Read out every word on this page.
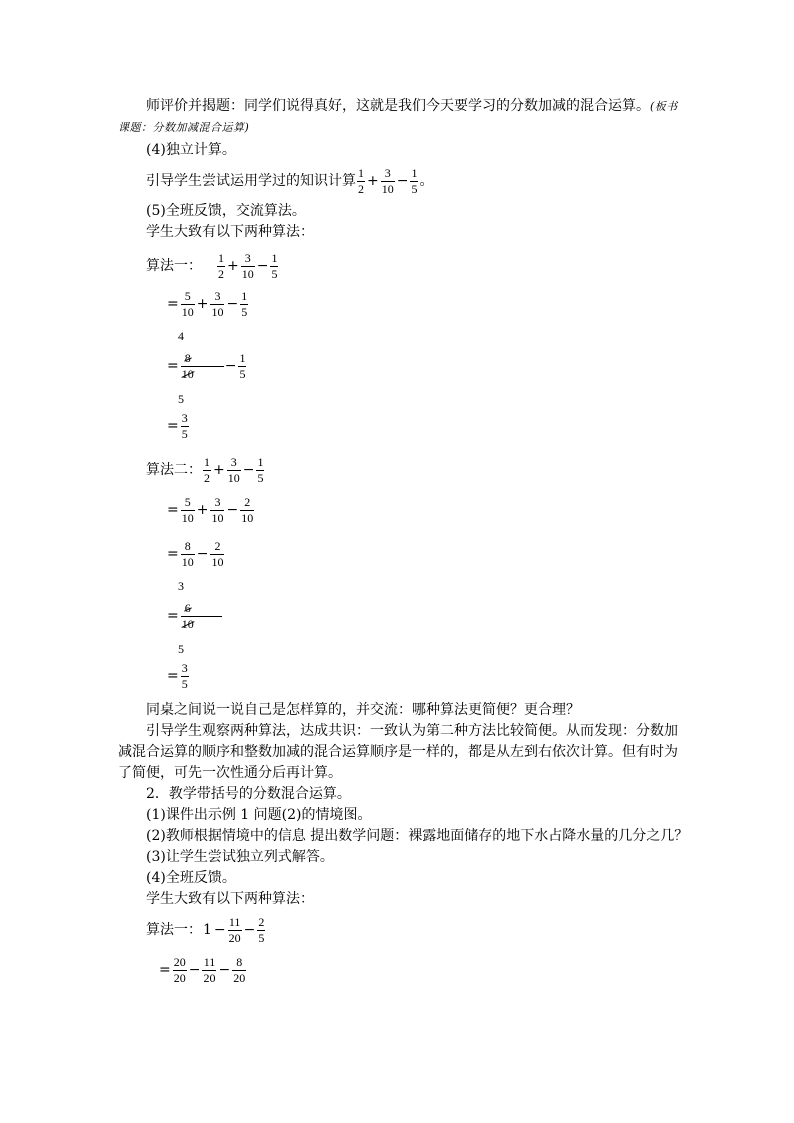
师评价并揭题：同学们说得真好，这就是我们今天要学习的分数加减的混合运算。(板书
课题：分数加减混合运算)
(4)独立计算。
引导学生尝试运用学过的知识计算 $\frac{1}{2} + \frac{3}{10} - \frac{1}{5}$ 。
(5)全班反馈，交流算法。
学生大致有以下两种算法：
算法一： $\frac{1}{2} + \frac{3}{10} - \frac{1}{5}$
= $\frac{5}{10} + \frac{3}{10} - \frac{1}{5}$
4
= $\frac{8}{10} - \frac{1}{5}$
5
= $\frac{3}{5}$
算法二： $\frac{1}{2} + \frac{3}{10} - \frac{1}{5}$
= $\frac{5}{10} + \frac{3}{10} - \frac{2}{10}$
= $\frac{8}{10} - \frac{2}{10}$
3
= $\frac{6}{10}$
5
= $\frac{3}{5}$
同桌之间说一说自己是怎样算的，并交流：哪种算法更简便？更合理？
引导学生观察两种算法，达成共识：一致认为第二种方法比较简便。从而发现：分数加
减混合运算的顺序和整数加减的混合运算顺序是一样的，都是从左到右依次计算。但有时为
了简便，可先一次性通分后再计算。
2．教学带括号的分数混合运算。
(1)课件出示例 1 问题(2)的情境图。
(2)教师根据情境中的信息 提出数学问题：裸露地面储存的地下水占降水量的几分之几？
(3)让学生尝试独立列式解答。
(4)全班反馈。
学生大致有以下两种算法：
算法一： $1 - \frac{11}{20} - \frac{2}{5}$
= $\frac{20}{20} - \frac{11}{20} - \frac{8}{20}$
